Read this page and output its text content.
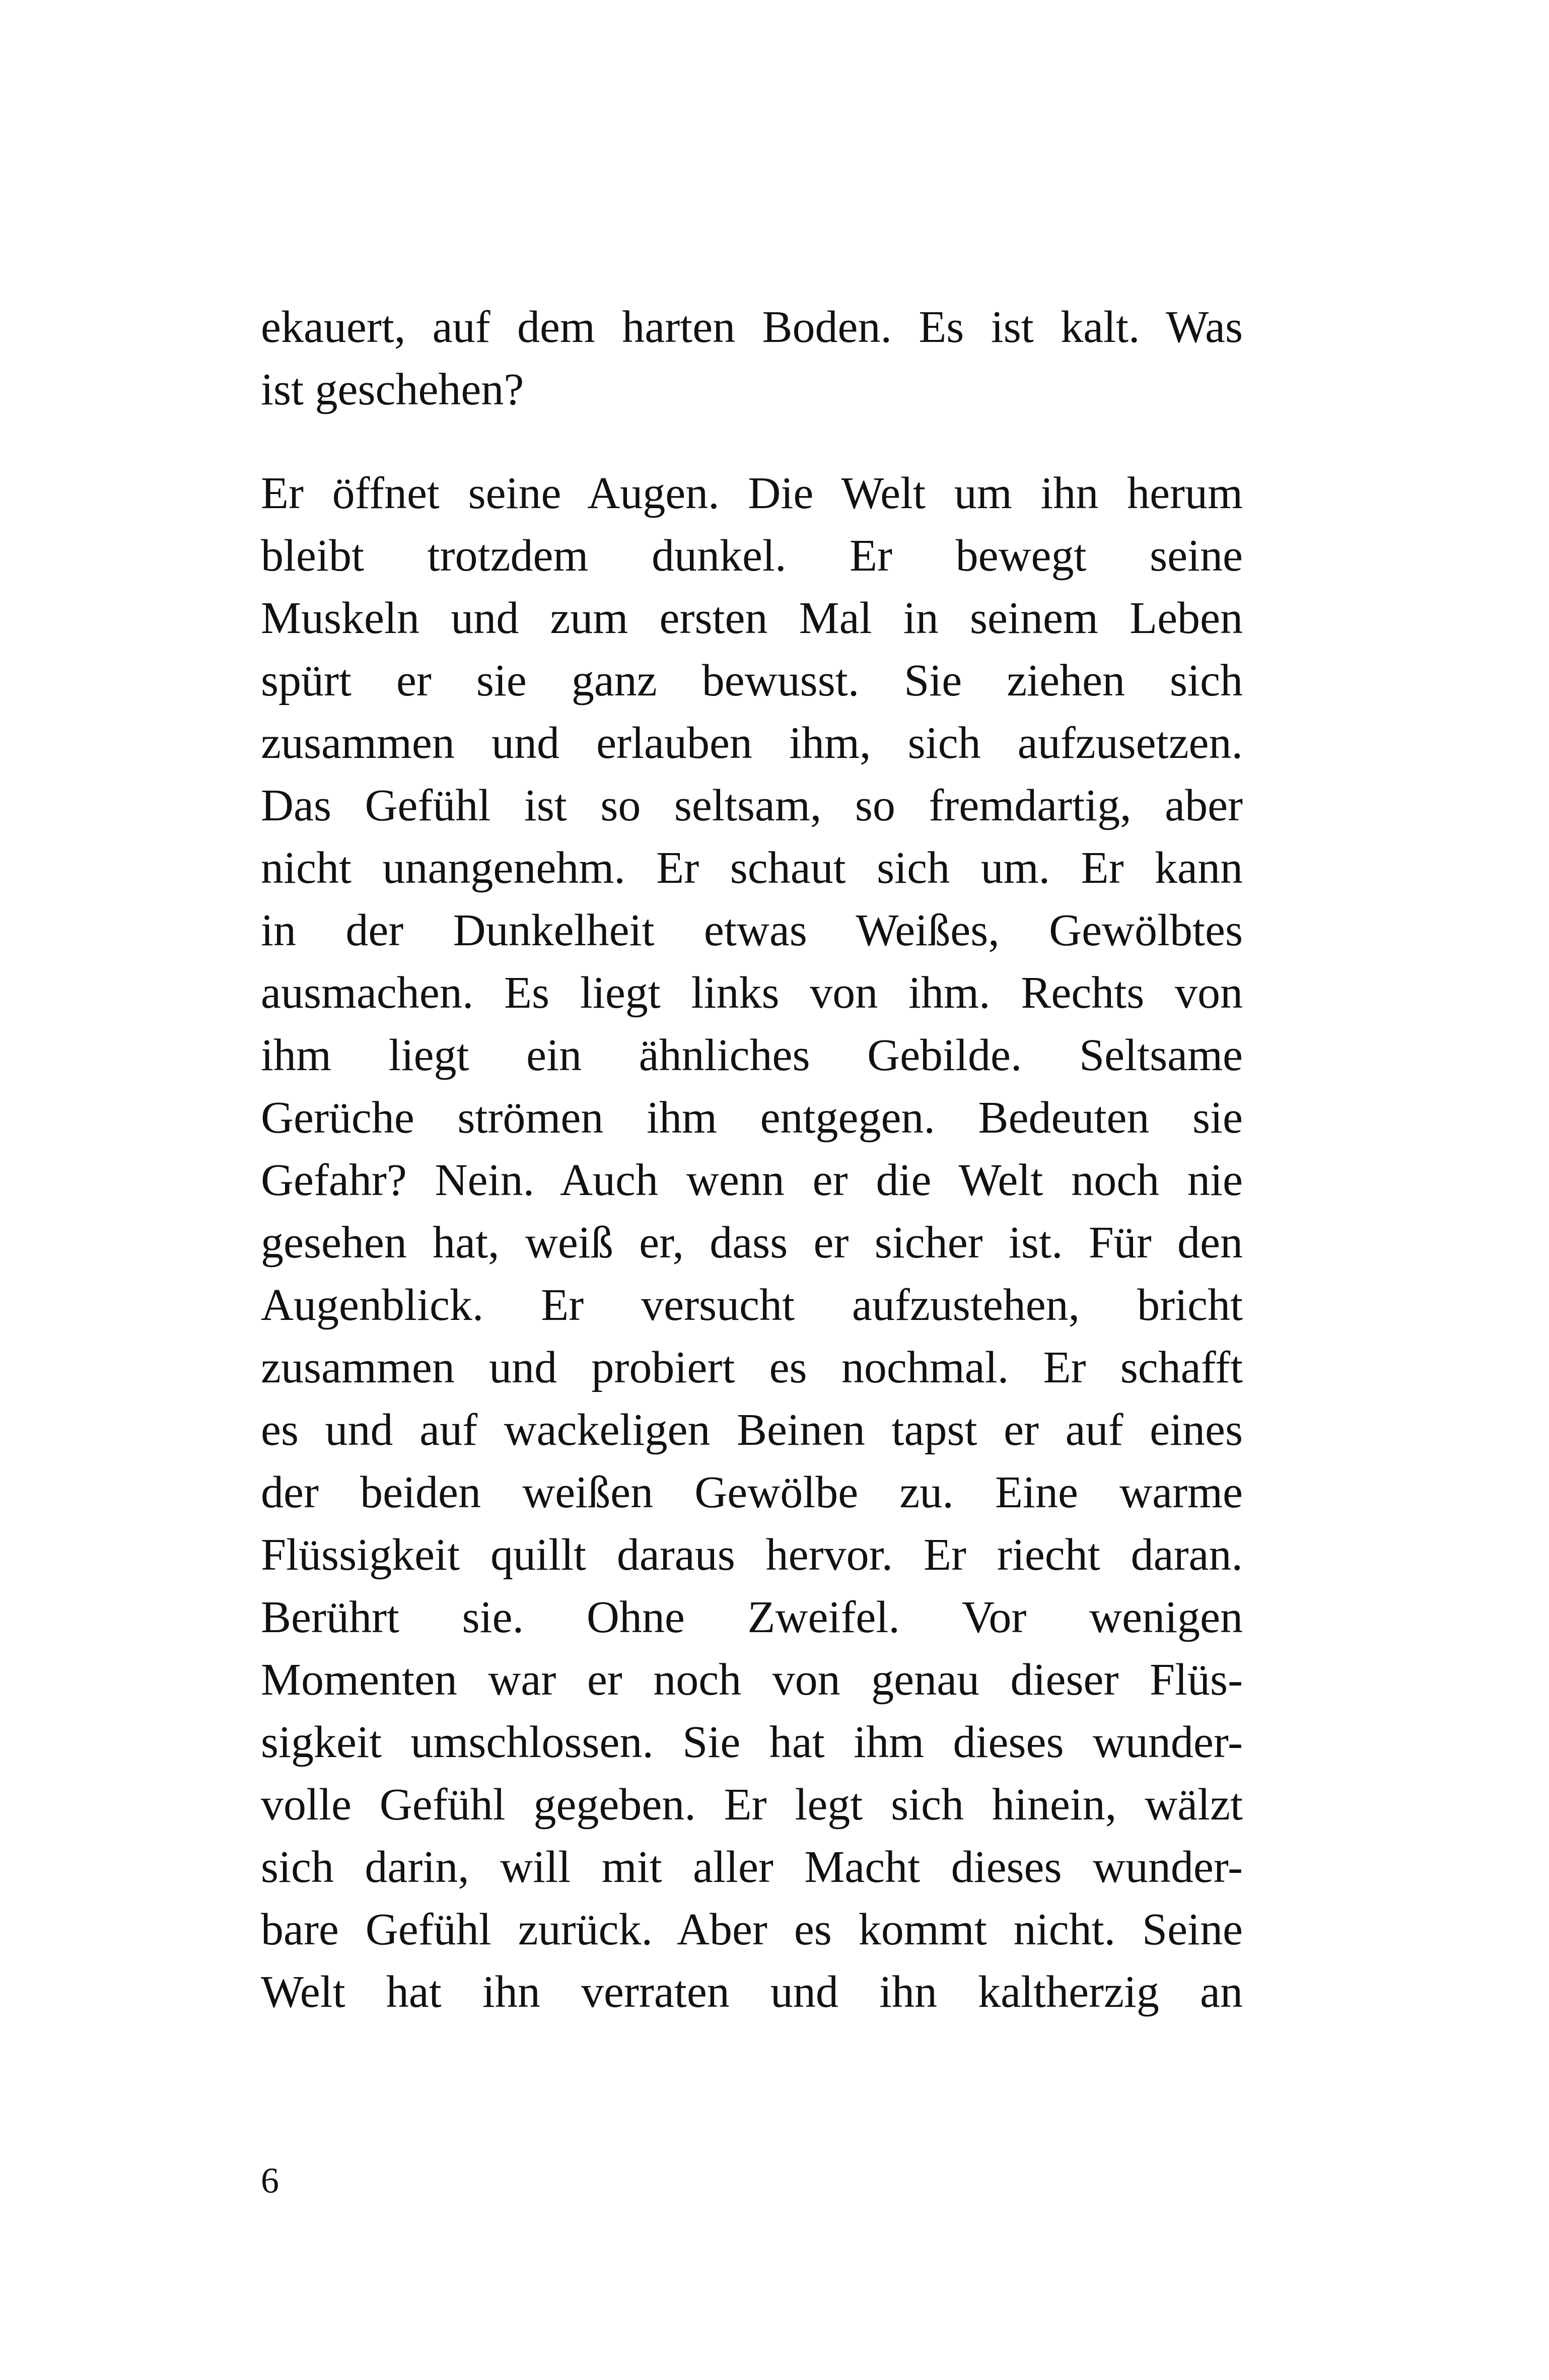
ekauert, auf dem harten Boden. Es ist kalt. Was
ist geschehen?
Er öffnet seine Augen. Die Welt um ihn herum
bleibt trotzdem dunkel. Er bewegt seine
Muskeln und zum ersten Mal in seinem Leben
spürt er sie ganz bewusst. Sie ziehen sich
zusammen und erlauben ihm, sich aufzusetzen.
Das Gefühl ist so seltsam, so fremdartig, aber
nicht unangenehm. Er schaut sich um. Er kann
in der Dunkelheit etwas Weißes, Gewölbtes
ausmachen. Es liegt links von ihm. Rechts von
ihm liegt ein ähnliches Gebilde. Seltsame
Gerüche strömen ihm entgegen. Bedeuten sie
Gefahr? Nein. Auch wenn er die Welt noch nie
gesehen hat, weiß er, dass er sicher ist. Für den
Augenblick. Er versucht aufzustehen, bricht
zusammen und probiert es nochmal. Er schafft
es und auf wackeligen Beinen tapst er auf eines
der beiden weißen Gewölbe zu. Eine warme
Flüssigkeit quillt daraus hervor. Er riecht daran.
Berührt sie. Ohne Zweifel. Vor wenigen
Momenten war er noch von genau dieser Flüs-
sigkeit umschlossen. Sie hat ihm dieses wunder-
volle Gefühl gegeben. Er legt sich hinein, wälzt
sich darin, will mit aller Macht dieses wunder-
bare Gefühl zurück. Aber es kommt nicht. Seine
Welt hat ihn verraten und ihn kaltherzig an
6
